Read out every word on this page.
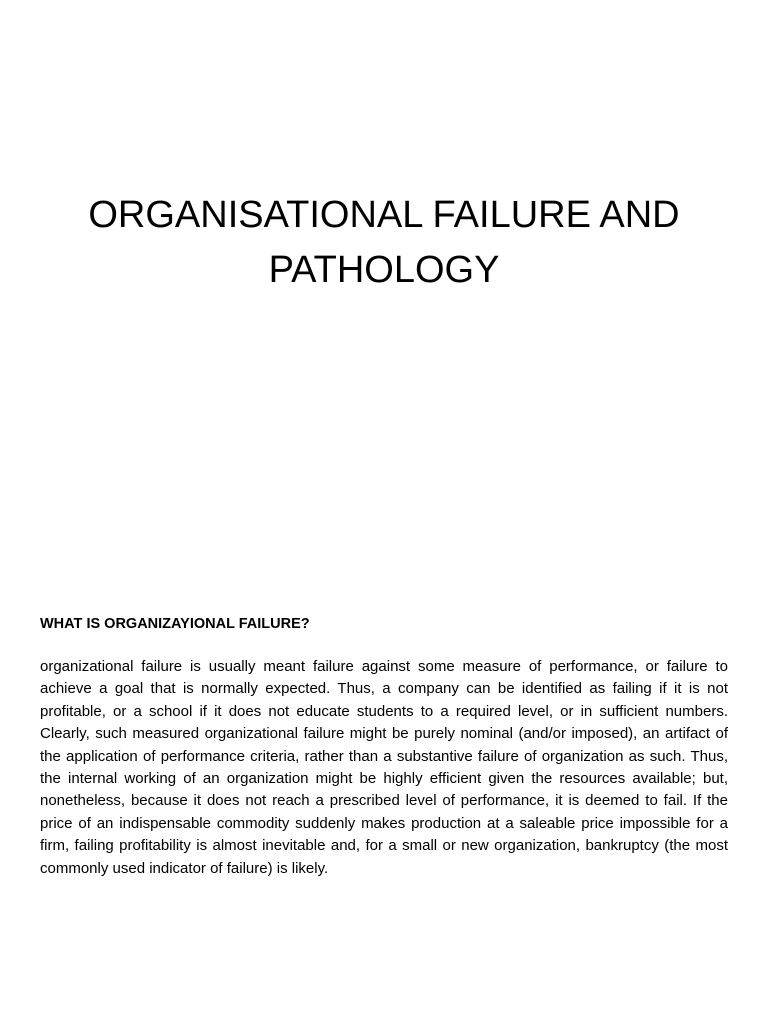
ORGANISATIONAL FAILURE AND
PATHOLOGY
WHAT IS ORGANIZAYIONAL FAILURE?

organizational failure is usually meant failure against some measure of performance, or failure to achieve a goal that is normally expected. Thus, a company can be identified as failing if it is not profitable, or a school if it does not educate students to a required level, or in sufficient numbers. Clearly, such measured organizational failure might be purely nominal (and/or imposed), an artifact of the application of performance criteria, rather than a substantive failure of organization as such. Thus, the internal working of an organization might be highly efficient given the resources available; but, nonetheless, because it does not reach a prescribed level of performance, it is deemed to fail. If the price of an indispensable commodity suddenly makes production at a saleable price impossible for a firm, failing profitability is almost inevitable and, for a small or new organization, bankruptcy (the most commonly used indicator of failure) is likely.
